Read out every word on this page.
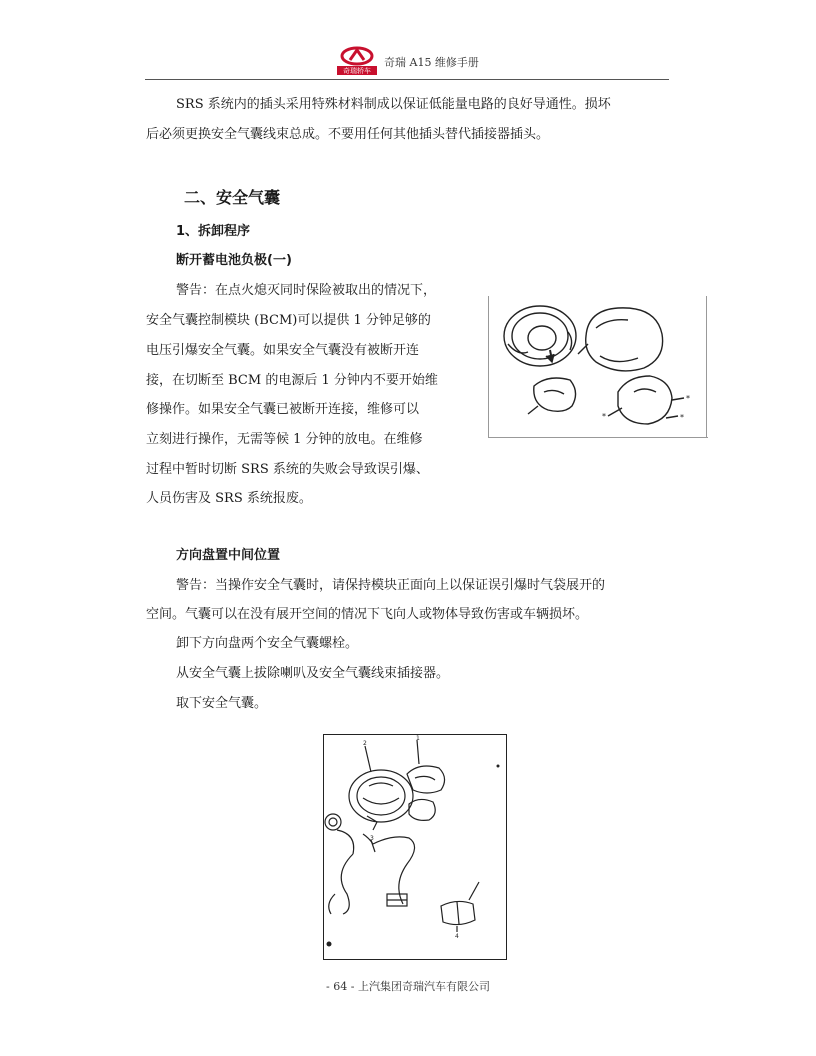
奇瑞轿车
奇瑞 A15 维修手册
SRS 系统内的插头采用特殊材料制成以保证低能量电路的良好导通性。损坏
后必须更换安全气囊线束总成。不要用任何其他插头替代插接器插头。
二、安全气囊
1、拆卸程序
断开蓄电池负极(一)
警告：在点火熄灭同时保险被取出的情况下，
安全气囊控制模块 (BCM)可以提供 1 分钟足够的
电压引爆安全气囊。如果安全气囊没有被断开连
接，在切断至 BCM 的电源后 1 分钟内不要开始维
修操作。如果安全气囊已被断开连接，维修可以
立刻进行操作，无需等候 1 分钟的放电。在维修
过程中暂时切断 SRS 系统的失败会导致误引爆、
人员伤害及 SRS 系统报废。
*	*
*
方向盘置中间位置
警告：当操作安全气囊时，请保持模块正面向上以保证误引爆时气袋展开的
空间。气囊可以在没有展开空间的情况下飞向人或物体导致伤害或车辆损坏。
卸下方向盘两个安全气囊螺栓。
从安全气囊上拔除喇叭及安全气囊线束插接器。
取下安全气囊。
2
1
3
4
- 64 - 上汽集团奇瑞汽车有限公司
